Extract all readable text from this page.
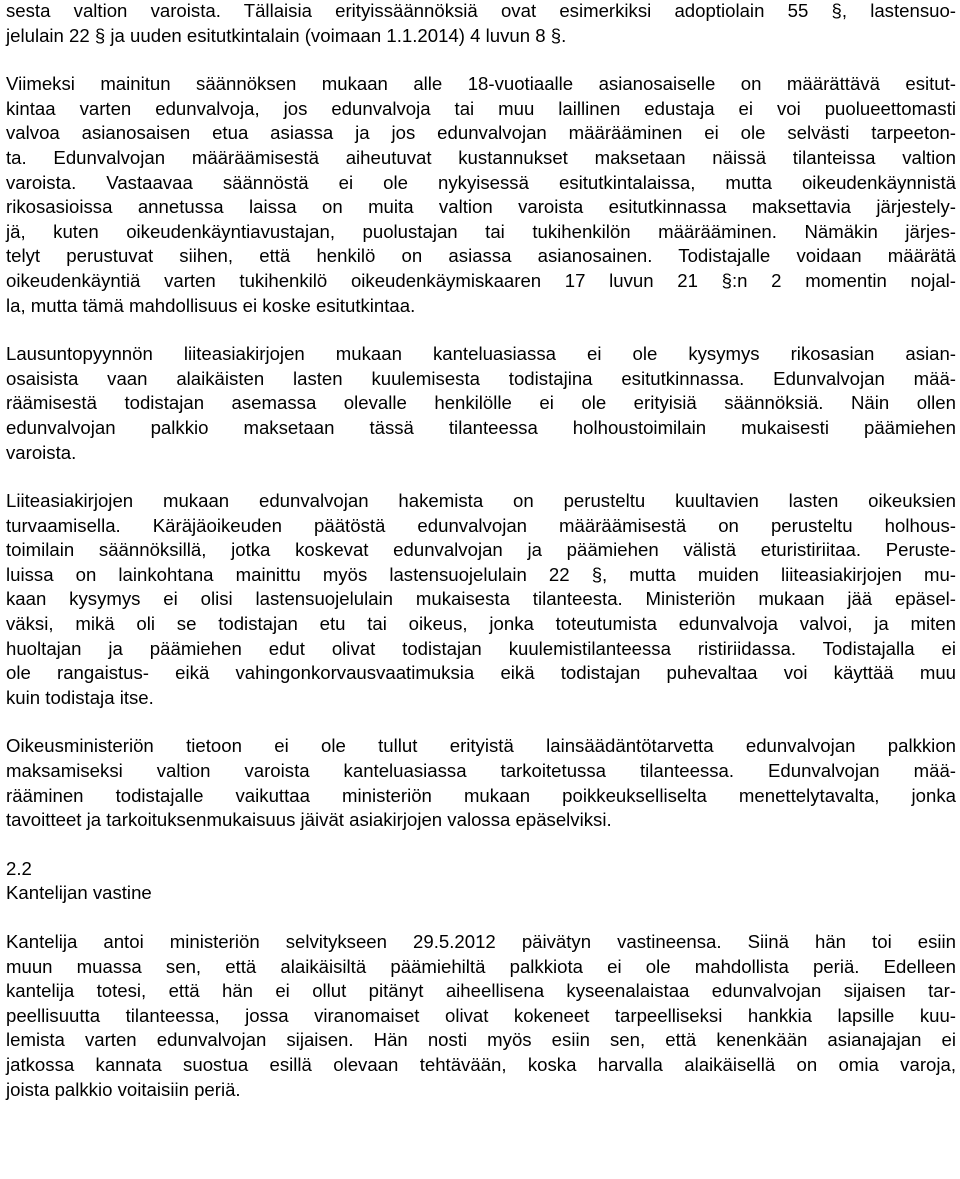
sesta valtion varoista. Tällaisia erityissäännöksiä ovat esimerkiksi adoptiolain 55 §, lastensuo-
jelulain 22 § ja uuden esitutkintalain (voimaan 1.1.2014) 4 luvun 8 §.

Viimeksi mainitun säännöksen mukaan alle 18-vuotiaalle asianosaiselle on määrättävä esitut-
kintaa varten edunvalvoja, jos edunvalvoja tai muu laillinen edustaja ei voi puolueettomasti
valvoa asianosaisen etua asiassa ja jos edunvalvojan määrääminen ei ole selvästi tarpeeton-
ta. Edunvalvojan määräämisestä aiheutuvat kustannukset maksetaan näissä tilanteissa valtion
varoista. Vastaavaa säännöstä ei ole nykyisessä esitutkintalaissa, mutta oikeudenkäynnistä
rikosasioissa annetussa laissa on muita valtion varoista esitutkinnassa maksettavia järjestely-
jä, kuten oikeudenkäyntiavustajan, puolustajan tai tukihenkilön määrääminen. Nämäkin järjes-
telyt perustuvat siihen, että henkilö on asiassa asianosainen. Todistajalle voidaan määrätä
oikeudenkäyntiä varten tukihenkilö oikeudenkäymiskaaren 17 luvun 21 §:n 2 momentin nojal-
la, mutta tämä mahdollisuus ei koske esitutkintaa.

Lausuntopyynnön liiteasiakirjojen mukaan kanteluasiassa ei ole kysymys rikosasian asian-
osaisista vaan alaikäisten lasten kuulemisesta todistajina esitutkinnassa. Edunvalvojan mää-
räämisestä todistajan asemassa olevalle henkilölle ei ole erityisiä säännöksiä. Näin ollen
edunvalvojan palkkio maksetaan tässä tilanteessa holhoustoimilain mukaisesti päämiehen
varoista.

Liiteasiakirjojen mukaan edunvalvojan hakemista on perusteltu kuultavien lasten oikeuksien
turvaamisella. Käräjäoikeuden päätöstä edunvalvojan määräämisestä on perusteltu holhous-
toimilain säännöksillä, jotka koskevat edunvalvojan ja päämiehen välistä eturistiriitaa. Peruste-
luissa on lainkohtana mainittu myös lastensuojelulain 22 §, mutta muiden liiteasiakirjojen mu-
kaan kysymys ei olisi lastensuojelulain mukaisesta tilanteesta. Ministeriön mukaan jää epäsel-
väksi, mikä oli se todistajan etu tai oikeus, jonka toteutumista edunvalvoja valvoi, ja miten
huoltajan ja päämiehen edut olivat todistajan kuulemistilanteessa ristiriidassa. Todistajalla ei
ole rangaistus- eikä vahingonkorvausvaatimuksia eikä todistajan puhevaltaa voi käyttää muu
kuin todistaja itse.

Oikeusministeriön tietoon ei ole tullut erityistä lainsäädäntötarvetta edunvalvojan palkkion
maksamiseksi valtion varoista kanteluasiassa tarkoitetussa tilanteessa. Edunvalvojan mää-
rääminen todistajalle vaikuttaa ministeriön mukaan poikkeukselliselta menettelytavalta, jonka
tavoitteet ja tarkoituksenmukaisuus jäivät asiakirjojen valossa epäselviksi.

2.2
Kantelijan vastine

Kantelija antoi ministeriön selvitykseen 29.5.2012 päivätyn vastineensa. Siinä hän toi esiin
muun muassa sen, että alaikäisiltä päämiehiltä palkkiota ei ole mahdollista periä. Edelleen
kantelija totesi, että hän ei ollut pitänyt aiheellisena kyseenalaistaa edunvalvojan sijaisen tar-
peellisuutta tilanteessa, jossa viranomaiset olivat kokeneet tarpeelliseksi hankkia lapsille kuu-
lemista varten edunvalvojan sijaisen. Hän nosti myös esiin sen, että kenenkään asianajajan ei
jatkossa kannata suostua esillä olevaan tehtävään, koska harvalla alaikäisellä on omia varoja,
joista palkkio voitaisiin periä.
